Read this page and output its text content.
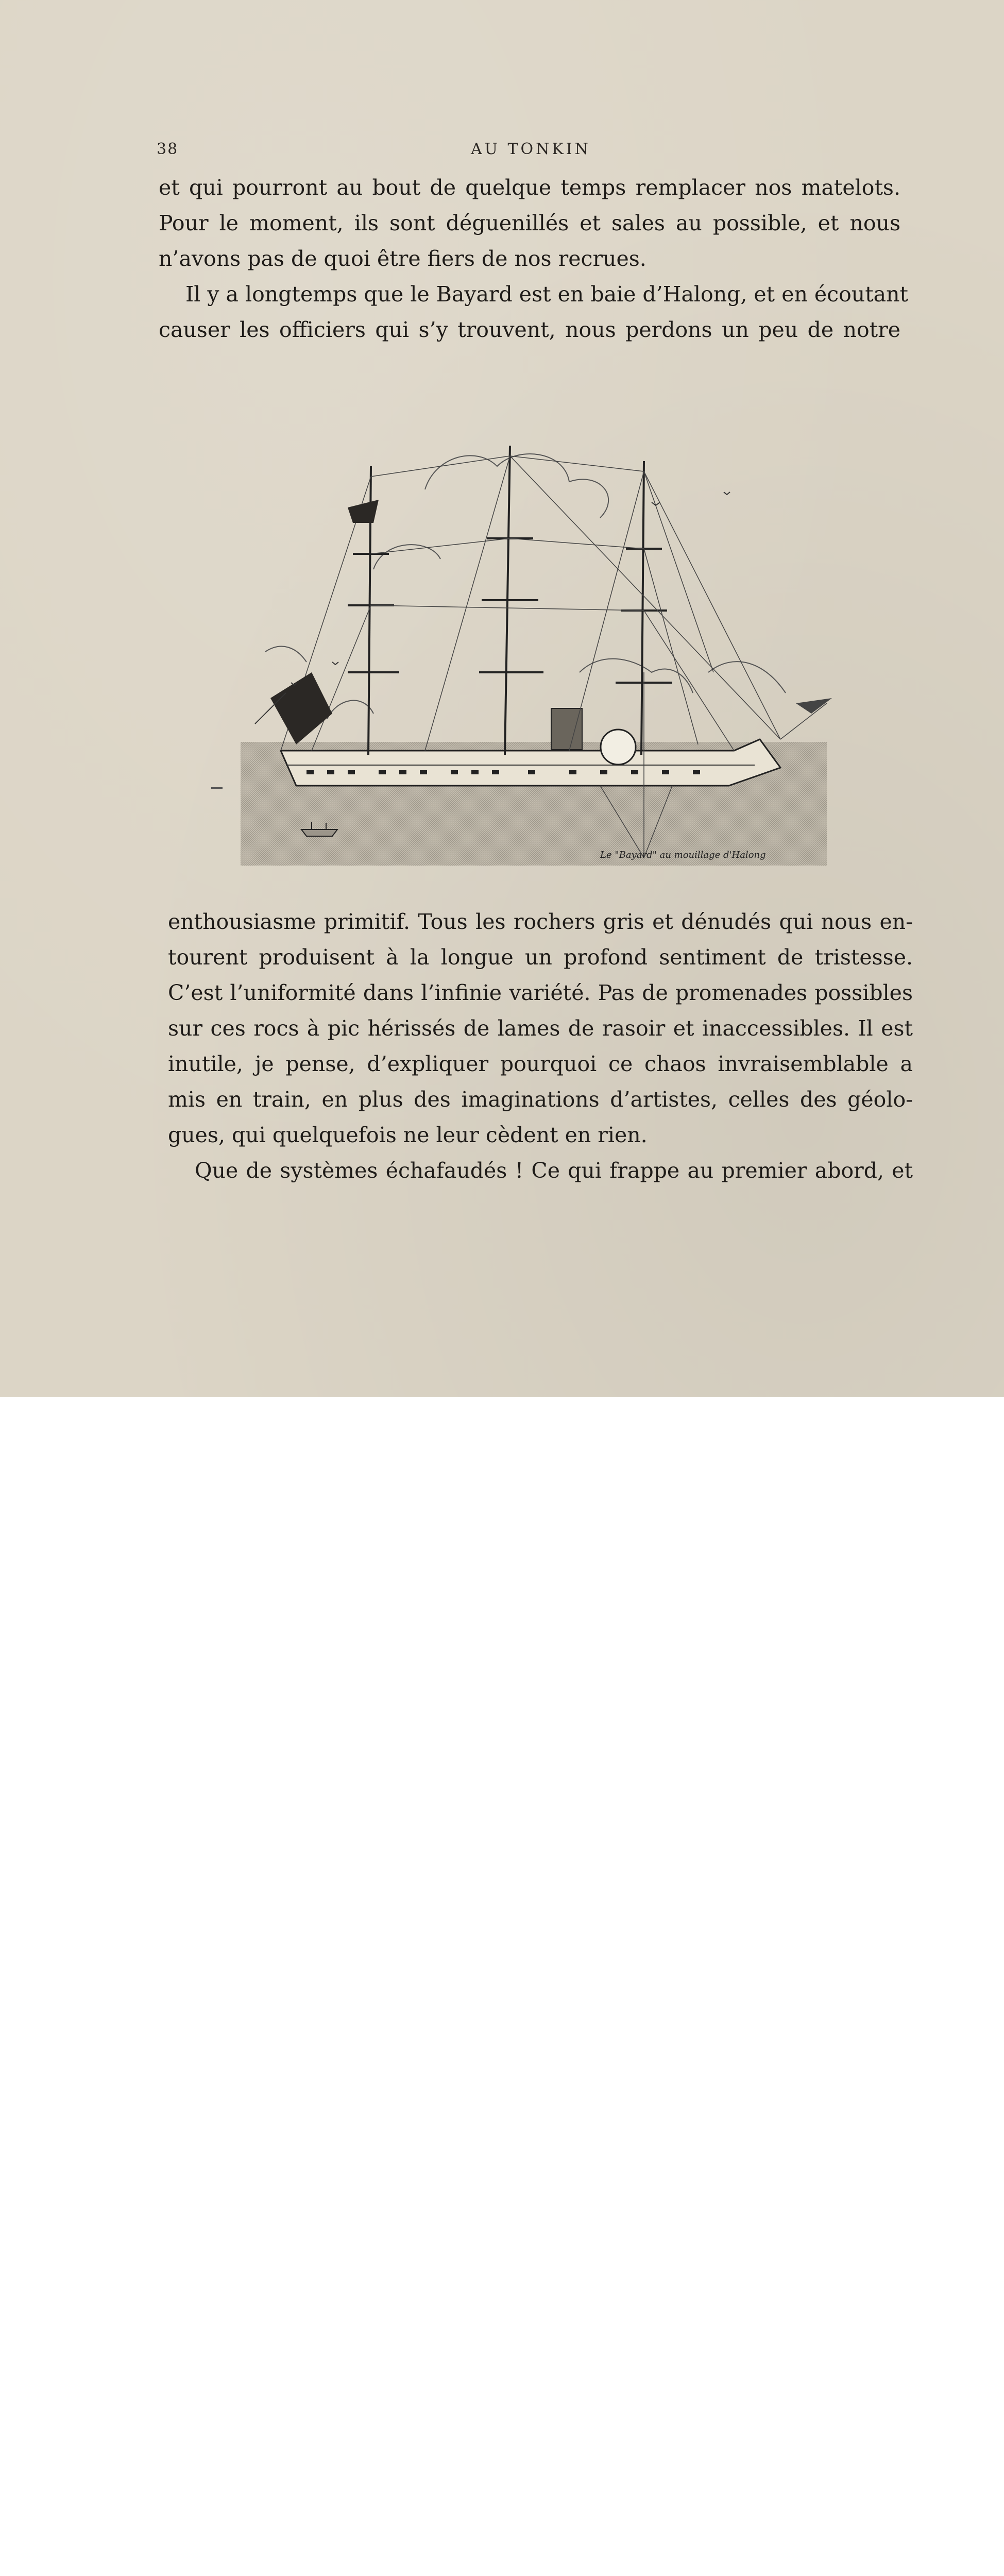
38	AU TONKIN
et qui pourront au bout de quelque temps remplacer nos matelots.
Pour le moment, ils sont déguenillés et sales au possible, et nous
n’avons pas de quoi être fiers de nos recrues.
Il y a longtemps que le Bayard est en baie d’Halong, et en écoutant
causer les officiers qui s’y trouvent, nous perdons un peu de notre
Le "Bayard" au mouillage d'Halong
enthousiasme primitif. Tous les rochers gris et dénudés qui nous en-
tourent produisent à la longue un profond sentiment de tristesse.
C’est l’uniformité dans l’infinie variété. Pas de promenades possibles
sur ces rocs à pic hérissés de lames de rasoir et inaccessibles. Il est
inutile, je pense, d’expliquer pourquoi ce chaos invraisemblable a
mis en train, en plus des imaginations d’artistes, celles des géolo-
gues, qui quelquefois ne leur cèdent en rien.
Que de systèmes échafaudés ! Ce qui frappe au premier abord, et
